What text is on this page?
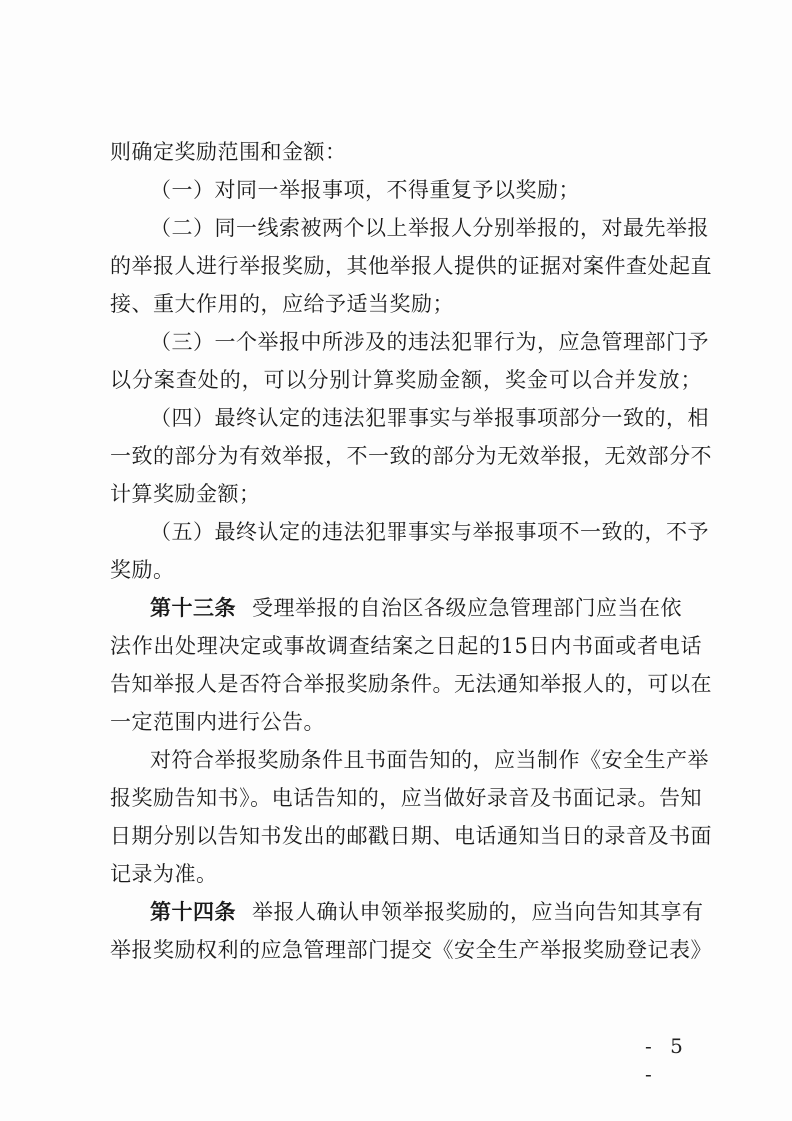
则确定奖励范围和金额：
（一）对同一举报事项，不得重复予以奖励；
（二）同一线索被两个以上举报人分别举报的，对最先举报
的举报人进行举报奖励，其他举报人提供的证据对案件查处起直
接、重大作用的，应给予适当奖励；
（三）一个举报中所涉及的违法犯罪行为，应急管理部门予
以分案查处的，可以分别计算奖励金额，奖金可以合并发放；
（四）最终认定的违法犯罪事实与举报事项部分一致的，相
一致的部分为有效举报，不一致的部分为无效举报，无效部分不
计算奖励金额；
（五）最终认定的违法犯罪事实与举报事项不一致的，不予
奖励。
第十三条 受理举报的自治区各级应急管理部门应当在依
法作出处理决定或事故调查结案之日起的15日内书面或者电话
告知举报人是否符合举报奖励条件。无法通知举报人的，可以在
一定范围内进行公告。
对符合举报奖励条件且书面告知的，应当制作《安全生产举
报奖励告知书》。电话告知的，应当做好录音及书面记录。告知
日期分别以告知书发出的邮戳日期、电话通知当日的录音及书面
记录为准。
第十四条 举报人确认申领举报奖励的，应当向告知其享有
举报奖励权利的应急管理部门提交《安全生产举报奖励登记表》
- 5 -
